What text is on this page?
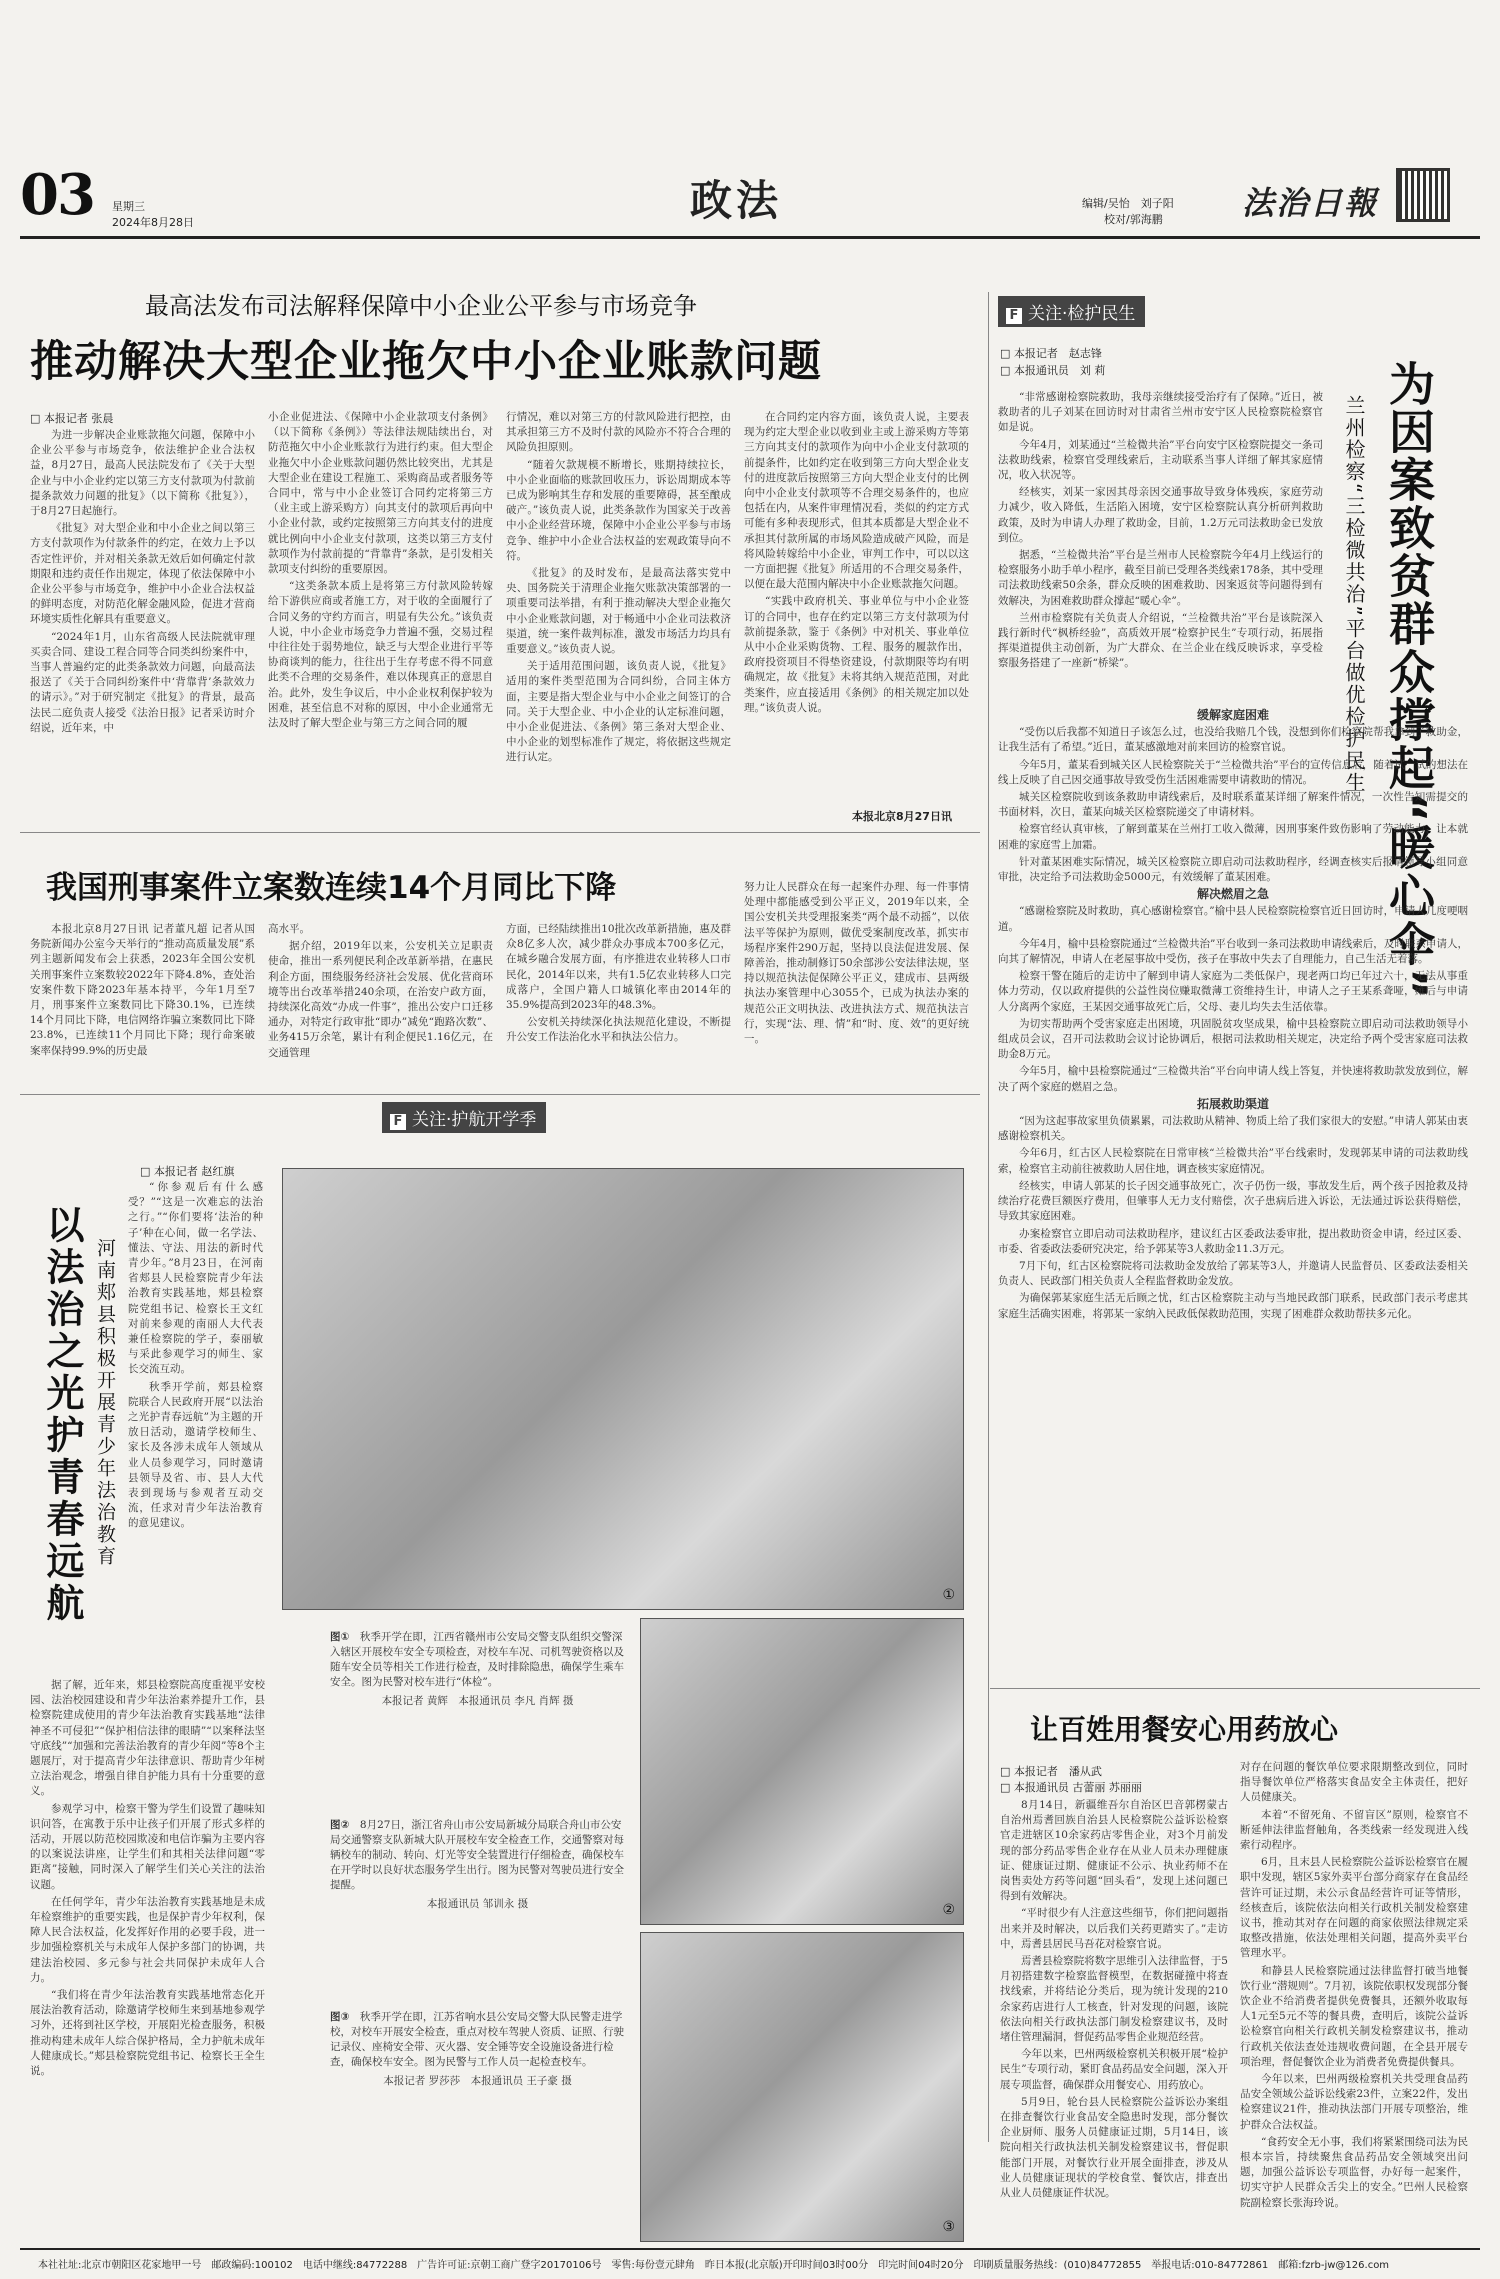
03 星期三
2024年8月28日	政法	编辑/吴怡　刘子阳
校对/郭海鹏 法治日報
最高法发布司法解释保障中小企业公平参与市场竞争
推动解决大型企业拖欠中小企业账款问题
□ 本报记者 张晨

为进一步解决企业账款拖欠问题，保障中小企业公平参与市场竞争，依法维护企业合法权益，8月27日，最高人民法院发布了《关于大型企业与中小企业约定以第三方支付款项为付款前提条款效力问题的批复》（以下简称《批复》），于8月27日起施行。

《批复》对大型企业和中小企业之间以第三方支付款项作为付款条件的约定，在效力上予以否定性评价，并对相关条款无效后如何确定付款期限和违约责任作出规定，体现了依法保障中小企业公平参与市场竞争，维护中小企业合法权益的鲜明态度，对防范化解金融风险，促进才营商环境实质性化解具有重要意义。

“2024年1月，山东省高级人民法院就审理买卖合同、建设工程合同等合同类纠纷案件中，当事人普遍约定的此类条款效力问题，向最高法报送了《关于合同纠纷案件中‘背靠背’条款效力的请示》。”对于研究制定《批复》的背景，最高法民二庭负责人接受《法治日报》记者采访时介绍说，近年来，中

小企业促进法、《保障中小企业款项支付条例》（以下简称《条例》）等法律法规陆续出台，对防范拖欠中小企业账款行为进行约束。但大型企业拖欠中小企业账款问题仍然比较突出，尤其是大型企业在建设工程施工、采购商品或者服务等合同中，常与中小企业签订合同约定将第三方（业主或上游采购方）向其支付的款项后再向中小企业付款，或约定按照第三方向其支付的进度就比例向中小企业支付款项，这类以第三方支付款项作为付款前提的“背靠背”条款，是引发相关款项支付纠纷的重要原因。

“这类条款本质上是将第三方付款风险转嫁给下游供应商或者施工方，对于收的全面履行了合同义务的守约方而言，明显有失公允。”该负责人说，中小企业市场竞争力普遍不强，交易过程中往往处于弱势地位，缺乏与大型企业进行平等协商谈判的能力，往往出于生存考虑不得不同意此类不合理的交易条件，难以体现真正的意思自治。此外，发生争议后，中小企业权利保护较为困难，甚至信息不对称的原因，中小企业通常无法及时了解大型企业与第三方之间合同的履

行情况，难以对第三方的付款风险进行把控，由其承担第三方不及时付款的风险亦不符合合理的风险负担原则。

“随着欠款规模不断增长，账期持续拉长，中小企业面临的账款回收压力，诉讼周期成本等已成为影响其生存和发展的重要障碍，甚至酿成破产。”该负责人说，此类条款作为国家关于改善中小企业经营环境，保障中小企业公平参与市场竞争、维护中小企业合法权益的宏观政策导向不符。

《批复》的及时发布，是最高法落实党中央、国务院关于清理企业拖欠账款决策部署的一项重要司法举措，有利于推动解决大型企业拖欠中小企业账款问题，对于畅通中小企业司法救济渠道，统一案件裁判标准，激发市场活力均具有重要意义。”该负责人说。

关于适用范围问题，该负责人说，《批复》适用的案件类型范围为合同纠纷，合同主体方面，主要是指大型企业与中小企业之间签订的合同。关于大型企业、中小企业的认定标准问题，中小企业促进法、《条例》第三条对大型企业、中小企业的划型标准作了规定，将依据这些规定进行认定。

在合同约定内容方面，该负责人说，主要表现为约定大型企业以收到业主或上游采购方等第三方向其支付的款项作为向中小企业支付款项的前提条件，比如约定在收到第三方向大型企业支付的进度款后按照第三方向大型企业支付的比例向中小企业支付款项等不合理交易条件的，也应包括在内，从案件审理情况看，类似的约定方式可能有多种表现形式，但其本质都是大型企业不承担其付款所属的市场风险造成破产风险，而是将风险转嫁给中小企业，审判工作中，可以以这一方面把握《批复》所适用的不合理交易条件，以便在最大范围内解决中小企业账款拖欠问题。

“实践中政府机关、事业单位与中小企业签订的合同中，也存在约定以第三方支付款项为付款前提条款，鉴于《条例》中对机关、事业单位从中小企业采购货物、工程、服务的履款作出，政府投资项目不得垫资建设，付款期限等均有明确规定，故《批复》未将其纳入规范范围，对此类案件，应直接适用《条例》的相关规定加以处理。”该负责人说。

本报北京8月27日讯
我国刑事案件立案数连续14个月同比下降

本报北京8月27日讯 记者董凡超 记者从国务院新闻办公室今天举行的“推动高质量发展”系列主题新闻发布会上获悉，2023年全国公安机关刑事案件立案数较2022年下降4.8%，查处治安案件数下降2023年基本持平，今年1月至7月，刑事案件立案数同比下降30.1%，已连续14个月同比下降，电信网络诈骗立案数同比下降23.8%，已连续11个月同比下降；现行命案破案率保持99.9%的历史最

高水平。

据介绍，2019年以来，公安机关立足职责使命，推出一系列便民利企改革新举措，在惠民利企方面，围绕服务经济社会发展、优化营商环境等出台改革举措240余项，在治安户政方面，持续深化高效“办成一件事”，推出公安户口迁移通办，对特定行政审批“即办”减免“跑路次数”、业务415万余笔，累计有利企便民1.16亿元，在交通管理

方面，已经陆续推出10批次改革新措施，惠及群众8亿多人次，减少群众办事成本700多亿元，在城乡融合发展方面，有序推进农业转移人口市民化，2014年以来，共有1.5亿农业转移人口完成落户，全国户籍人口城镇化率由2014年的35.9%提高到2023年的48.3%。

公安机关持续深化执法规范化建设，不断提升公安工作法治化水平和执法公信力。

努力让人民群众在每一起案件办理、每一件事情处理中都能感受到公平正义，2019年以来，全国公安机关共受理报案类“两个最不动摇”，以依法平等保护为原则，做优受案制度改革，抓实市场程序案件290万起，坚持以良法促进发展、保障善治，推动制修订50余部涉公安法律法规，坚持以规范执法促保障公平正义，建成市、县两级执法办案管理中心3055个，已成为执法办案的规范公正文明执法、改进执法方式、规范执法言行，实现“法、理、情”和“时、度、效”的更好统一。

F 关注·护航开学季
□ 本报记者 赵红旗
以法治之光护青春远航 河南郏县积极开展青少年法治教育

“你参观后有什么感受？”“这是一次难忘的法治之行。”“你们要将‘法治的种子’种在心间，做一名学法、懂法、守法、用法的新时代青少年。”8月23日，在河南省郏县人民检察院青少年法治教育实践基地，郏县检察院党组书记、检察长王文红对前来参观的南丽人大代表兼任检察院的学子，泰丽敏与采此参观学习的师生、家长交流互动。

秋季开学前，郏县检察院联合人民政府开展“以法治之光护青春远航”为主题的开放日活动，邀请学校师生、家长及各涉未成年人领域从业人员参观学习，同时邀请县领导及省、市、县人大代表到现场与参观者互动交流，任求对青少年法治教育的意见建议。

据了解，近年来，郏县检察院高度重视平安校园、法治校园建设和青少年法治素养提升工作，县检察院建成使用的青少年法治教育实践基地“法律神圣不可侵犯”“保护相信法律的眼睛”“以案释法坚守底线”“加强和完善法治教育的青少年阅”等8个主题展厅，对于提高青少年法律意识、帮助青少年树立法治观念，增强自律自护能力具有十分重要的意义。

参观学习中，检察干警为学生们设置了趣味知识问答，在寓教于乐中让孩子们开展了形式多样的活动，开展以防范校园欺凌和电信诈骗为主要内容的以案说法讲座，让学生们和其相关法律问题“零距离”接触，同时深入了解学生们关心关注的法治议题。

在任何学年，青少年法治教育实践基地是未成年检察维护的重要实践，也是保护青少年权利，保障人民合法权益，化发挥好作用的必要手段，进一步加强检察机关与未成年人保护多部门的协调，共建法治校园、多元参与社会共同保护未成年人合力。

“我们将在青少年法治教育实践基地常态化开展法治教育活动，除邀请学校师生来到基地参观学习外，还将到社区学校，开展阳光检查服务，积极推动构建未成年人综合保护格局，全力护航未成年人健康成长。”郏县检察院党组书记、检察长王全生说。

①
②
③
图①　 秋季开学在即，江西省赣州市公安局交警支队组织交警深入辖区开展校车安全专项检查，对校车车况、司机驾驶资格以及随车安全员等相关工作进行检查，及时排除隐患，确保学生乘车安全。图为民警对校车进行“体检”。
本报记者 黄辉　本报通讯员 李凡 肖辉 摄
图②　 8月27日，浙江省舟山市公安局新城分局联合舟山市公安局交通警察支队新城大队开展校车安全检查工作，交通警察对每辆校车的制动、转向、灯光等安全装置进行仔细检查，确保校车在开学时以良好状态服务学生出行。图为民警对驾驶员进行安全提醒。
本报通讯员 邹训永 摄
图③　 秋季开学在即，江苏省响水县公安局交警大队民警走进学校，对校车开展安全检查，重点对校车驾驶人资质、证照、行驶记录仪、座椅安全带、灭火器、安全锤等安全设施设备进行检查，确保校车安全。图为民警与工作人员一起检查校车。
本报记者 罗莎莎　本报通讯员 王子豪 摄
F 关注·检护民生
□ 本报记者　赵志锋
□ 本报通讯员　刘 莉	为因案致贫群众撑起“暖心伞”
兰州检察“三检微共治”平台做优检护民生

“非常感谢检察院救助，我母亲继续接受治疗有了保障。”近日，被救助者的儿子刘某在回访时对甘肃省兰州市安宁区人民检察院检察官如是说。

今年4月，刘某通过“兰检微共治”平台向安宁区检察院提交一条司法救助线索，检察官受理线索后，主动联系当事人详细了解其家庭情况，收入状况等。

经核实，刘某一家因其母亲因交通事故导致身体残疾，家庭劳动力减少，收入降低，生活陷入困境，安宁区检察院认真分析研判救助政策，及时为申请人办理了救助金，目前，1.2万元司法救助金已发放到位。

据悉，“兰检微共治”平台是兰州市人民检察院今年4月上线运行的检察服务小助手单小程序，截至目前已受理各类线索178条，其中受理司法救助线索50余条，群众反映的困难救助、因案返贫等问题得到有效解决，为困难救助群众撑起“暖心伞”。

兰州市检察院有关负责人介绍说，“兰检微共治”平台是该院深入践行新时代“枫桥经验”，高质效开展“检察护民生”专项行动，拓展指挥渠道提供主动创新，为广大群众、在兰企业在线反映诉求，享受检察服务搭建了一座新“桥梁”。

缓解家庭困难

“受伤以后我都不知道日子该怎么过，也没给我赔几个钱，没想到你们检察院帮我拿到了救助金，让我生活有了希望。”近日，董某感激地对前来回访的检察官说。

今年5月，董某看到城关区人民检察院关于“兰检微共治”平台的宣传信息后，随着试一试的想法在线上反映了自己因交通事故导致受伤生活困难需要申请救助的情况。

城关区检察院收到该条救助申请线索后，及时联系董某详细了解案件情况，一次性告知需提交的书面材料，次日，董某向城关区检察院递交了申请材料。

检察官经认真审核，了解到董某在兰州打工收入微薄，因刑事案件致伤影响了劳动能力，让本就困难的家庭雪上加霜。

针对董某困难实际情况，城关区检察院立即启动司法救助程序，经调查核实后报请领导小组同意审批，决定给予司法救助金5000元，有效缓解了董某困难。

解决燃眉之急

“感谢检察院及时救助，真心感谢检察官。”榆中县人民检察院检察官近日回访时，申请人几度哽咽道。

今年4月，榆中县检察院通过“兰检微共治”平台收到一条司法救助申请线索后，及时联系申请人，向其了解情况，申请人在老屋事故中受伤，孩子在事故中失去了自理能力，自己生活无着落。

检察干警在随后的走访中了解到申请人家庭为二类低保户，现老两口均已年过六十，无法从事重体力劳动，仅以政府提供的公益性岗位赚取微薄工资维持生计，申请人之子王某系聋哑，瘫后与申请人分离两个家庭，王某因交通事故死亡后，父母、妻儿均失去生活依靠。

为切实帮助两个受害家庭走出困境，巩固脱贫攻坚成果，榆中县检察院立即启动司法救助领导小组成员会议，召开司法救助会议讨论协调后，根据司法救助相关规定，决定给予两个受害家庭司法救助金8万元。

今年5月，榆中县检察院通过“三检微共治”平台向申请人线上答复，并快速将救助款发放到位，解决了两个家庭的燃眉之急。

拓展救助渠道

“因为这起事故家里负债累累，司法救助从精神、物质上给了我们家很大的安慰。”申请人郭某由衷感谢检察机关。

今年6月，红古区人民检察院在日常审核“兰检微共治”平台线索时，发现郭某申请的司法救助线索，检察官主动前往被救助人居住地，调查核实家庭情况。

经核实，申请人郭某的长子因交通事故死亡，次子仍伤一级，事故发生后，两个孩子因抢救及持续治疗花费巨额医疗费用，但肇事人无力支付赔偿，次子患病后进入诉讼，无法通过诉讼获得赔偿，导致其家庭困难。

办案检察官立即启动司法救助程序，建议红古区委政法委审批，提出救助资金申请，经过区委、市委、省委政法委研究决定，给予郭某等3人救助金11.3万元。

7月下旬，红古区检察院将司法救助金发放给了郭某等3人，并邀请人民监督员、区委政法委相关负责人、民政部门相关负责人全程监督救助金发放。

为确保郭某家庭生活无后顾之忧，红古区检察院主动与当地民政部门联系，民政部门表示考虑其家庭生活确实困难，将郭某一家纳入民政低保救助范围，实现了困难群众救助帮扶多元化。

让百姓用餐安心用药放心
□ 本报记者　潘从武
□ 本报通讯员 古蕾丽 苏丽丽

8月14日，新疆维吾尔自治区巴音郭楞蒙古自治州焉耆回族自治县人民检察院公益诉讼检察官走进辖区10余家药店零售企业，对3个月前发现的部分药品零售企业存在从业人员未办理健康证、健康证过期、健康证不公示、执业药师不在岗售卖处方药等问题“回头看”，发现上述问题已得到有效解决。

“平时很少有人注意这些细节，你们把问题指出来并及时解决，以后我们关药更踏实了。”走访中，焉耆县居民马吾花对检察官说。

焉耆县检察院将数字思维引入法律监督，于5月初搭建数字检察监督模型，在数据碰撞中将查找线索，并将结论分类后，现为统计发现的210余家药店进行人工核查，针对发现的问题，该院依法向相关行政执法部门制发检察建议书，及时堵住管理漏洞，督促药品零售企业规范经营。

今年以来，巴州两级检察机关积极开展“检护民生”专项行动，紧盯食品药品安全问题，深入开展专项监督，确保群众用餐安心、用药放心。

5月9日，轮台县人民检察院公益诉讼办案组在排查餐饮行业食品安全隐患时发现，部分餐饮企业厨师、服务人员健康证过期，5月14日，该院向相关行政执法机关制发检察建议书，督促职能部门开展，对餐饮行业开展全面排查，涉及从业人员健康证现状的学校食堂、餐饮店，排查出从业人员健康证件状况。

对存在问题的餐饮单位要求限期整改到位，同时指导餐饮单位严格落实食品安全主体责任，把好人员健康关。

本着“不留死角、不留盲区”原则，检察官不断延伸法律监督触角，各类线索一经发现进入线索行动程序。

6月，且末县人民检察院公益诉讼检察官在履职中发现，辖区5家外卖平台部分商家存在食品经营许可证过期，未公示食品经营许可证等情形，经核查后，该院依法向相关行政机关制发检察建议书，推动其对存在问题的商家依照法律规定采取整改措施，依法处理相关问题，提高外卖平台管理水平。

和静县人民检察院通过法律监督打破当地餐饮行业“潜规则”。7月初，该院依职权发现部分餐饮企业不给消费者提供免费餐具，还额外收取每人1元至5元不等的餐具费，查明后，该院公益诉讼检察官向相关行政机关制发检察建议书，推动行政机关依法查处违规收费问题，在全县开展专项治理，督促餐饮企业为消费者免费提供餐具。

今年以来，巴州两级检察机关共受理食品药品安全领域公益诉讼线索23件，立案22件，发出检察建议21件，推动执法部门开展专项整治，维护群众合法权益。

“食药安全无小事，我们将紧紧围绕司法为民根本宗旨，持续聚焦食品药品安全领域突出问题，加强公益诉讼专项监督，办好每一起案件，切实守护人民群众舌尖上的安全。”巴州人民检察院副检察长张海玲说。

本社社址:北京市朝阳区花家地甲一号　邮政编码:100102　电话中继线:84772288　广告许可证:京朝工商广登字20170106号　零售:每份壹元肆角　昨日本报(北京版)开印时间03时00分　印完时间04时20分　印刷质量服务热线：(010)84772855　举报电话:010-84772861　邮箱:fzrb-jw@126.com
